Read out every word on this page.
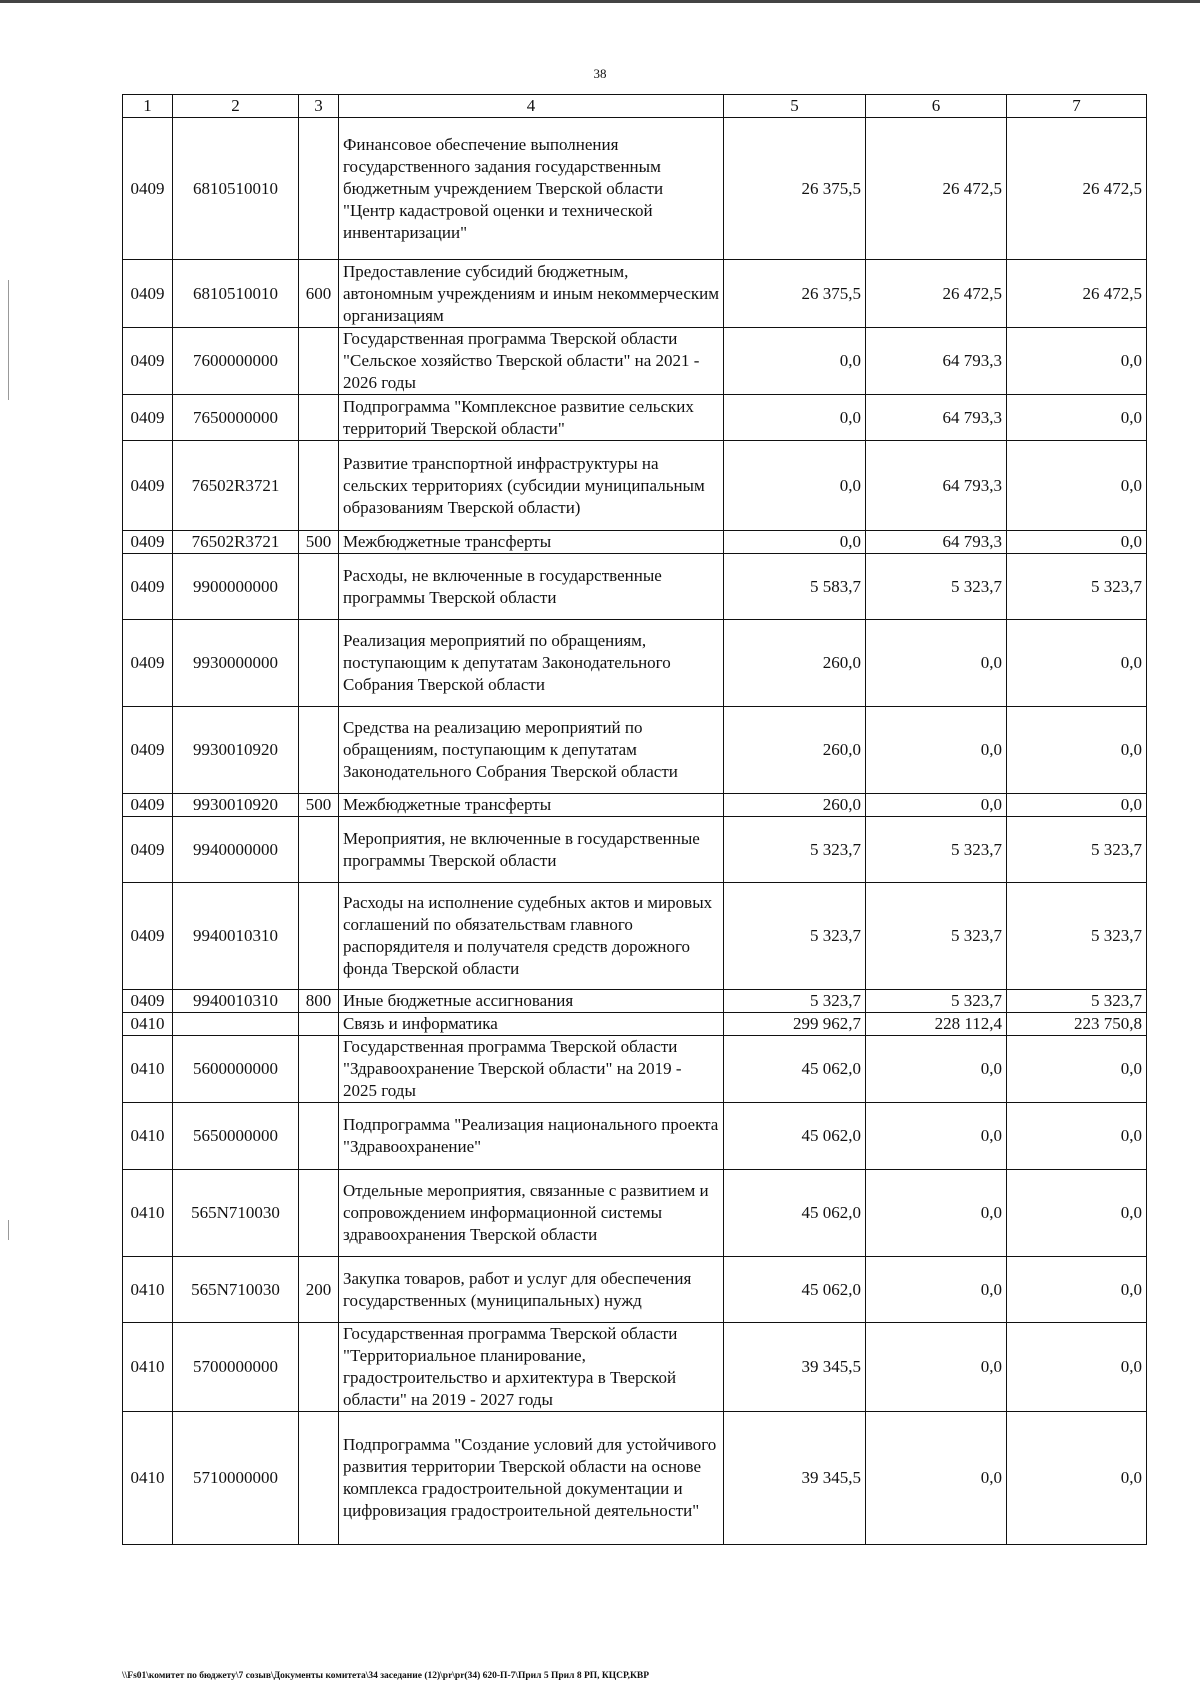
38
1	2	3	4	5	6	7
0409	6810510010		Финансовое обеспечение выполнения государственного задания государственным бюджетным учреждением Тверской области "Центр кадастровой оценки и технической инвентаризации"	26 375,5	26 472,5	26 472,5
0409	6810510010	600	Предоставление субсидий бюджетным, автономным учреждениям и иным некоммерческим организациям	26 375,5	26 472,5	26 472,5
0409	7600000000		Государственная программа Тверской области "Сельское хозяйство Тверской области" на 2021 - 2026 годы	0,0	64 793,3	0,0
0409	7650000000		Подпрограмма "Комплексное развитие сельских территорий Тверской области"	0,0	64 793,3	0,0
0409	76502R3721		Развитие транспортной инфраструктуры на сельских территориях (субсидии муниципальным образованиям Тверской области)	0,0	64 793,3	0,0
0409	76502R3721	500	Межбюджетные трансферты	0,0	64 793,3	0,0
0409	9900000000		Расходы, не включенные в государственные программы Тверской области	5 583,7	5 323,7	5 323,7
0409	9930000000		Реализация мероприятий по обращениям, поступающим к депутатам Законодательного Собрания Тверской области	260,0	0,0	0,0
0409	9930010920		Средства на реализацию мероприятий по обращениям, поступающим к депутатам Законодательного Собрания Тверской области	260,0	0,0	0,0
0409	9930010920	500	Межбюджетные трансферты	260,0	0,0	0,0
0409	9940000000		Мероприятия, не включенные в государственные программы Тверской области	5 323,7	5 323,7	5 323,7
0409	9940010310		Расходы на исполнение судебных актов и мировых соглашений по обязательствам главного распорядителя и получателя средств дорожного фонда Тверской области	5 323,7	5 323,7	5 323,7
0409	9940010310	800	Иные бюджетные ассигнования	5 323,7	5 323,7	5 323,7
0410			Связь и информатика	299 962,7	228 112,4	223 750,8
0410	5600000000		Государственная программа Тверской области "Здравоохранение Тверской области" на 2019 - 2025 годы	45 062,0	0,0	0,0
0410	5650000000		Подпрограмма "Реализация национального проекта "Здравоохранение"	45 062,0	0,0	0,0
0410	565N710030		Отдельные мероприятия, связанные с развитием и сопровождением информационной системы здравоохранения Тверской области	45 062,0	0,0	0,0
0410	565N710030	200	Закупка товаров, работ и услуг для обеспечения государственных (муниципальных) нужд	45 062,0	0,0	0,0
0410	5700000000		Государственная программа Тверской области "Территориальное планирование, градостроительство и архитектура в Тверской области" на 2019 - 2027 годы	39 345,5	0,0	0,0
0410	5710000000		Подпрограмма "Создание условий для устойчивого развития территории Тверской области на основе комплекса градостроительной документации и цифровизация градостроительной деятельности"	39 345,5	0,0	0,0
\\Fs01\комитет по бюджету\7 созыв\Документы комитета\34 заседание (12)\pr\pr(34) 620-П-7\Прил 5 Прил 8 РП, КЦСР,КВР
